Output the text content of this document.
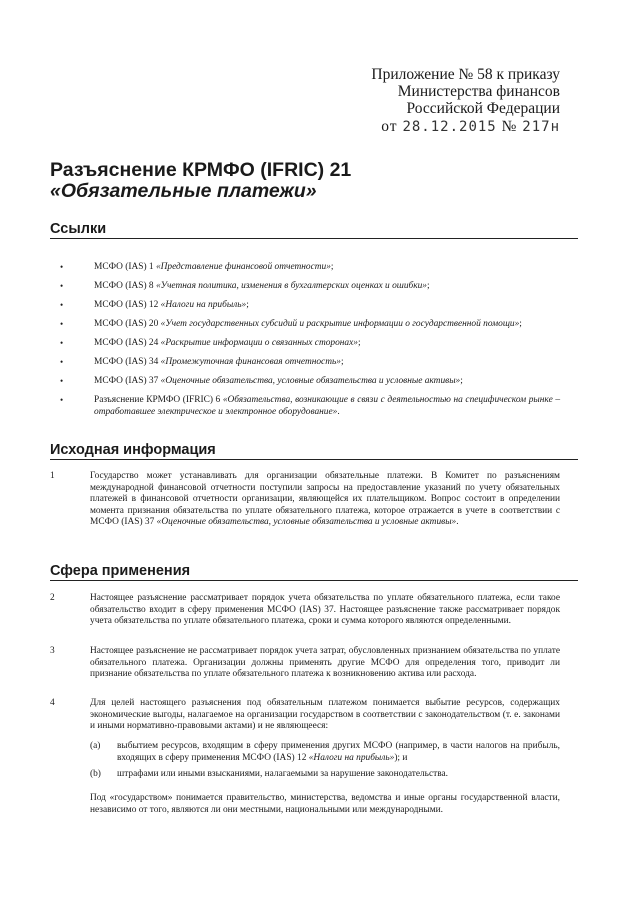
Приложение № 58 к приказу
Министерства финансов
Российской Федерации
от 28.12.2015 № 217н
Разъяснение КРМФО (IFRIC) 21
«Обязательные платежи»
Ссылки
•	МСФО (IAS) 1 «Представление финансовой отчетности»;
•	МСФО (IAS) 8 «Учетная политика, изменения в бухгалтерских оценках и ошибки»;
•	МСФО (IAS) 12 «Налоги на прибыль»;
•	МСФО (IAS) 20 «Учет государственных субсидий и раскрытие информации о государственной помощи»;
•	МСФО (IAS) 24 «Раскрытие информации о связанных сторонах»;
•	МСФО (IAS) 34 «Промежуточная финансовая отчетность»;
•	МСФО (IAS) 37 «Оценочные обязательства, условные обязательства и условные активы»;
•	Разъяснение КРМФО (IFRIC) 6 «Обязательства, возникающие в связи с деятельностью на специфическом рынке – отработавшее электрическое и электронное оборудование».
Исходная информация
1	Государство может устанавливать для организации обязательные платежи. В Комитет по разъяснениям международной финансовой отчетности поступили запросы на предоставление указаний по учету обязательных платежей в финансовой отчетности организации, являющейся их плательщиком. Вопрос состоит в определении момента признания обязательства по уплате обязательного платежа, которое отражается в учете в соответствии с МСФО (IAS) 37 «Оценочные обязательства, условные обязательства и условные активы».
Сфера применения
2	Настоящее разъяснение рассматривает порядок учета обязательства по уплате обязательного платежа, если такое обязательство входит в сферу применения МСФО (IAS) 37. Настоящее разъяснение также рассматривает порядок учета обязательства по уплате обязательного платежа, сроки и сумма которого являются определенными.
3	Настоящее разъяснение не рассматривает порядок учета затрат, обусловленных признанием обязательства по уплате обязательного платежа. Организации должны применять другие МСФО для определения того, приводит ли признание обязательства по уплате обязательного платежа к возникновению актива или расхода.
4	Для целей настоящего разъяснения под обязательным платежом понимается выбытие ресурсов, содержащих экономические выгоды, налагаемое на организации государством в соответствии с законодательством (т. е. законами и иными нормативно-правовыми актами) и не являющееся:
(a)	выбытием ресурсов, входящим в сферу применения других МСФО (например, в части налогов на прибыль, входящих в сферу применения МСФО (IAS) 12 «Налоги на прибыль»); и
(b)	штрафами или иными взысканиями, налагаемыми за нарушение законодательства.
Под «государством» понимается правительство, министерства, ведомства и иные органы государственной власти, независимо от того, являются ли они местными, национальными или международными.
